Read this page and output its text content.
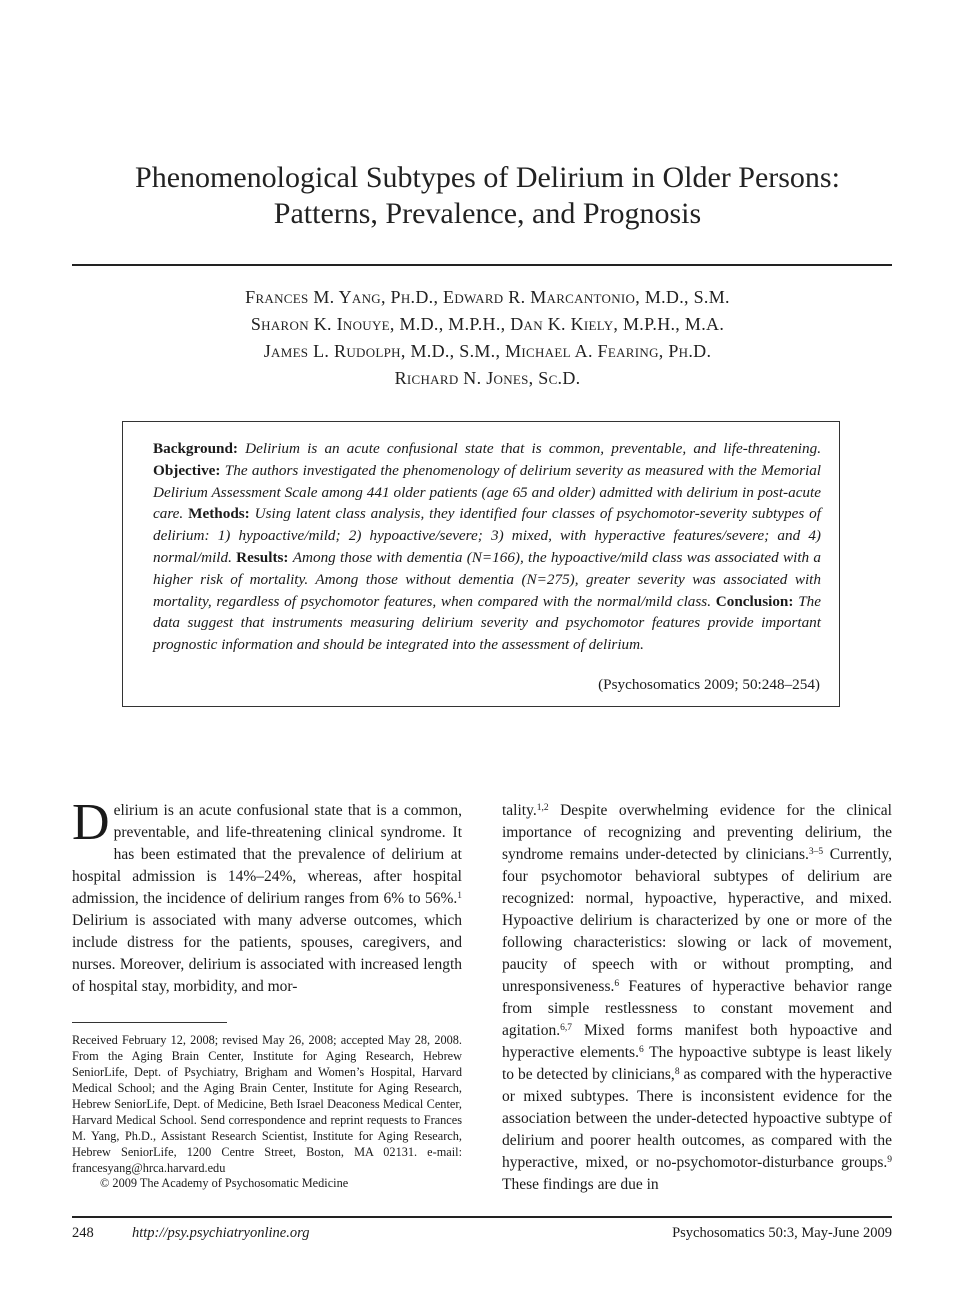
Phenomenological Subtypes of Delirium in Older Persons:
Patterns, Prevalence, and Prognosis
Frances M. Yang, Ph.D., Edward R. Marcantonio, M.D., S.M.
Sharon K. Inouye, M.D., M.P.H., Dan K. Kiely, M.P.H., M.A.
James L. Rudolph, M.D., S.M., Michael A. Fearing, Ph.D.
Richard N. Jones, Sc.D.
Background: Delirium is an acute confusional state that is common, preventable, and life-threatening. Objective: The authors investigated the phenomenology of delirium severity as measured with the Memorial Delirium Assessment Scale among 441 older patients (age 65 and older) admitted with delirium in post-acute care. Methods: Using latent class analysis, they identified four classes of psychomotor-severity subtypes of delirium: 1) hypoactive/mild; 2) hypoactive/severe; 3) mixed, with hyperactive features/severe; and 4) normal/mild. Results: Among those with dementia (N=166), the hypoactive/mild class was associated with a higher risk of mortality. Among those without dementia (N=275), greater severity was associated with mortality, regardless of psychomotor features, when compared with the normal/mild class. Conclusion: The data suggest that instruments measuring delirium severity and psychomotor features provide important prognostic information and should be integrated into the assessment of delirium.
(Psychosomatics 2009; 50:248–254)
Delirium is an acute confusional state that is a common, preventable, and life-threatening clinical syndrome. It has been estimated that the prevalence of delirium at hospital admission is 14%–24%, whereas, after hospital admission, the incidence of delirium ranges from 6% to 56%.$^1$ Delirium is associated with many adverse outcomes, which include distress for the patients, spouses, caregivers, and nurses. Moreover, delirium is associated with increased length of hospital stay, morbidity, and mor-
tality.$^{1,2}$ Despite overwhelming evidence for the clinical importance of recognizing and preventing delirium, the syndrome remains under-detected by clinicians.$^{3-5}$ Currently, four psychomotor behavioral subtypes of delirium are recognized: normal, hypoactive, hyperactive, and mixed. Hypoactive delirium is characterized by one or more of the following characteristics: slowing or lack of movement, paucity of speech with or without prompting, and unresponsiveness.$^6$ Features of hyperactive behavior range from simple restlessness to constant movement and agitation.$^{6,7}$ Mixed forms manifest both hypoactive and hyperactive elements.$^6$ The hypoactive subtype is least likely to be detected by clinicians,$^8$ as compared with the hyperactive or mixed subtypes. There is inconsistent evidence for the association between the under-detected hypoactive subtype of delirium and poorer health outcomes, as compared with the hyperactive, mixed, or no-psychomotor-disturbance groups.$^9$ These findings are due in
Received February 12, 2008; revised May 26, 2008; accepted May 28, 2008. From the Aging Brain Center, Institute for Aging Research, Hebrew SeniorLife, Dept. of Psychiatry, Brigham and Women’s Hospital, Harvard Medical School; and the Aging Brain Center, Institute for Aging Research, Hebrew SeniorLife, Dept. of Medicine, Beth Israel Deaconess Medical Center, Harvard Medical School. Send correspondence and reprint requests to Frances M. Yang, Ph.D., Assistant Research Scientist, Institute for Aging Research, Hebrew SeniorLife, 1200 Centre Street, Boston, MA 02131. e-mail: francesyang@hrca.harvard.edu
© 2009 The Academy of Psychosomatic Medicine
248	http://psy.psychiatryonline.org	Psychosomatics 50:3, May-June 2009
